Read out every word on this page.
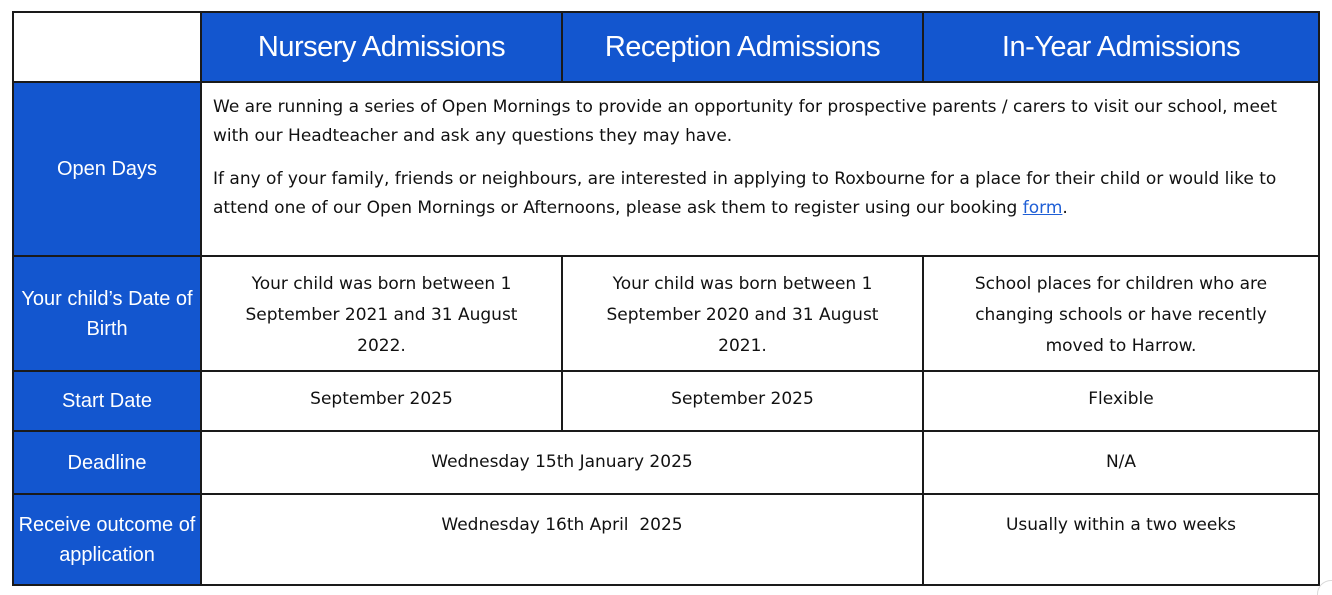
	Nursery Admissions	Reception Admissions	In-Year Admissions
Open Days	We are running a series of Open Mornings to provide an opportunity for prospective parents / carers to visit our school, meet with our Headteacher and ask any questions they may have.

If any of your family, friends or neighbours, are interested in applying to Roxbourne for a place for their child or would like to attend one of our Open Mornings or Afternoons, please ask them to register using our booking form.		

Your child’s Date of Birth	Your child was born between 1 September 2021 and 31 August 2022.	Your child was born between 1 September 2020 and 31 August 2021.	School places for children who are changing schools or have recently moved to Harrow.
Start Date	September 2025	September 2025	Flexible
Deadline	Wednesday 15th January 2025		N/A
Receive outcome of application	Wednesday 16th April  2025		Usually within a two weeks
